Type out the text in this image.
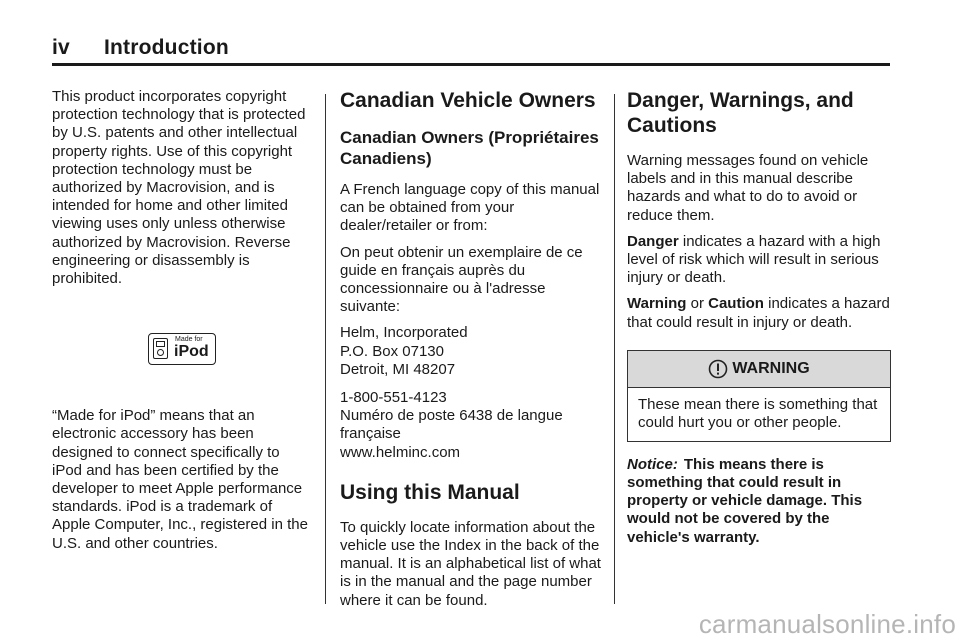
iv Introduction

This product incorporates copyright protection technology that is protected by U.S. patents and other intellectual property rights. Use of this copyright protection technology must be authorized by Macrovision, and is intended for home and other limited viewing uses only unless otherwise authorized by Macrovision. Reverse engineering or disassembly is prohibited.

Made for
iPod

“Made for iPod” means that an electronic accessory has been designed to connect specifically to iPod and has been certified by the developer to meet Apple performance standards. iPod is a trademark of Apple Computer, Inc., registered in the U.S. and other countries.

Canadian Vehicle Owners
Canadian Owners (Propriétaires Canadiens)

A French language copy of this manual can be obtained from your dealer/retailer or from:

On peut obtenir un exemplaire de ce guide en français auprès du concessionnaire ou à l'adresse suivante:

Helm, Incorporated
P.O. Box 07130
Detroit, MI 48207
1-800-551-4123
Numéro de poste 6438 de langue française
www.helminc.com
Using this Manual

To quickly locate information about the vehicle use the Index in the back of the manual. It is an alphabetical list of what is in the manual and the page number where it can be found.

Danger, Warnings, and Cautions

Warning messages found on vehicle labels and in this manual describe hazards and what to do to avoid or reduce them.

Danger indicates a hazard with a high level of risk which will result in serious injury or death.

Warning or Caution indicates a hazard that could result in injury or death.

WARNING
These mean there is something that could hurt you or other people.

Notice: This means there is something that could result in property or vehicle damage. This would not be covered by the vehicle's warranty.

carmanualsonline.info
